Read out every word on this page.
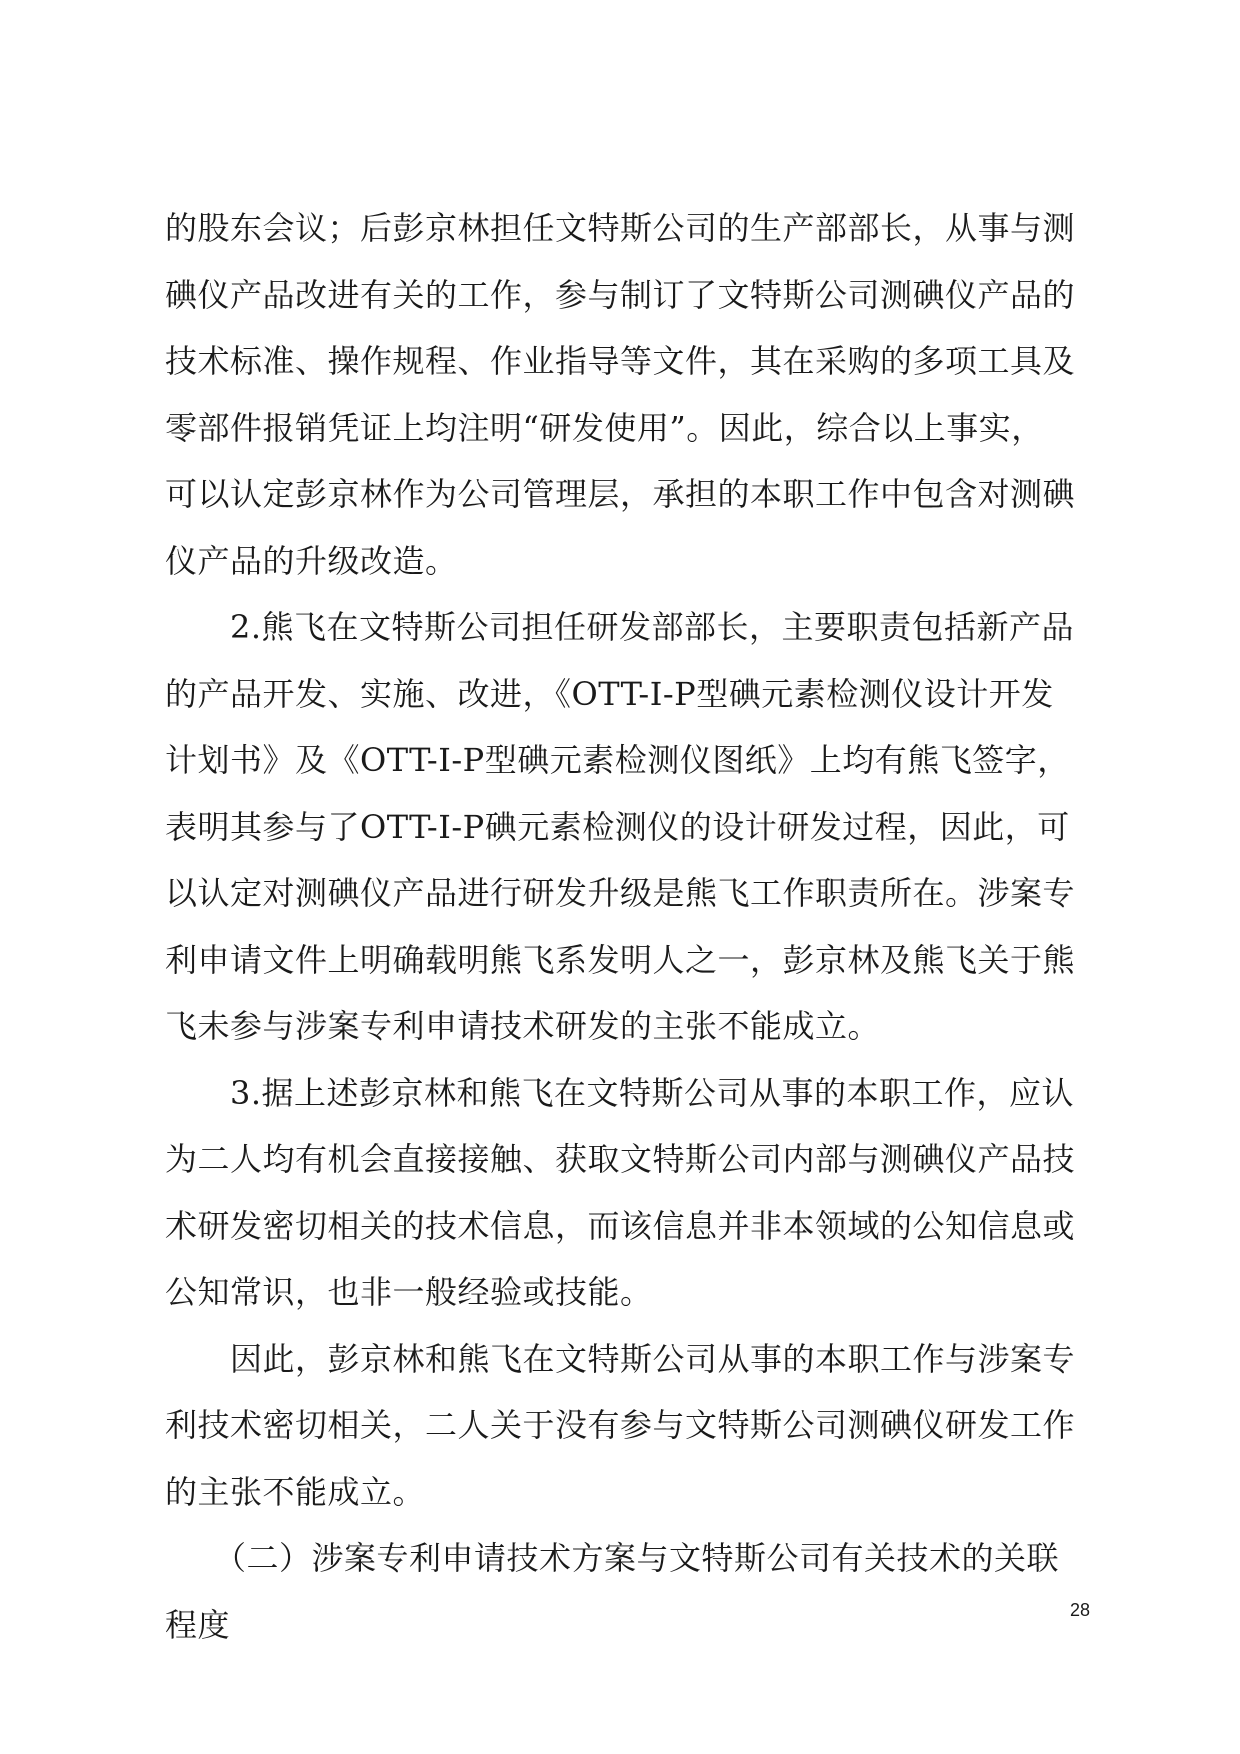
的股东会议；后彭京林担任文特斯公司的生产部部长，从事与测
碘仪产品改进有关的工作，参与制订了文特斯公司测碘仪产品的
技术标准、操作规程、作业指导等文件，其在采购的多项工具及
零部件报销凭证上均注明“研发使用”。因此，综合以上事实，
可以认定彭京林作为公司管理层，承担的本职工作中包含对测碘
仪产品的升级改造。
　　2.熊飞在文特斯公司担任研发部部长，主要职责包括新产品
的产品开发、实施、改进，《OTT-I-P型碘元素检测仪设计开发
计划书》及《OTT-I-P型碘元素检测仪图纸》上均有熊飞签字，
表明其参与了OTT-I-P碘元素检测仪的设计研发过程，因此，可
以认定对测碘仪产品进行研发升级是熊飞工作职责所在。涉案专
利申请文件上明确载明熊飞系发明人之一，彭京林及熊飞关于熊
飞未参与涉案专利申请技术研发的主张不能成立。
　　3.据上述彭京林和熊飞在文特斯公司从事的本职工作，应认
为二人均有机会直接接触、获取文特斯公司内部与测碘仪产品技
术研发密切相关的技术信息，而该信息并非本领域的公知信息或
公知常识，也非一般经验或技能。
　　因此，彭京林和熊飞在文特斯公司从事的本职工作与涉案专
利技术密切相关，二人关于没有参与文特斯公司测碘仪研发工作
的主张不能成立。
　　（二）涉案专利申请技术方案与文特斯公司有关技术的关联
程度	28
